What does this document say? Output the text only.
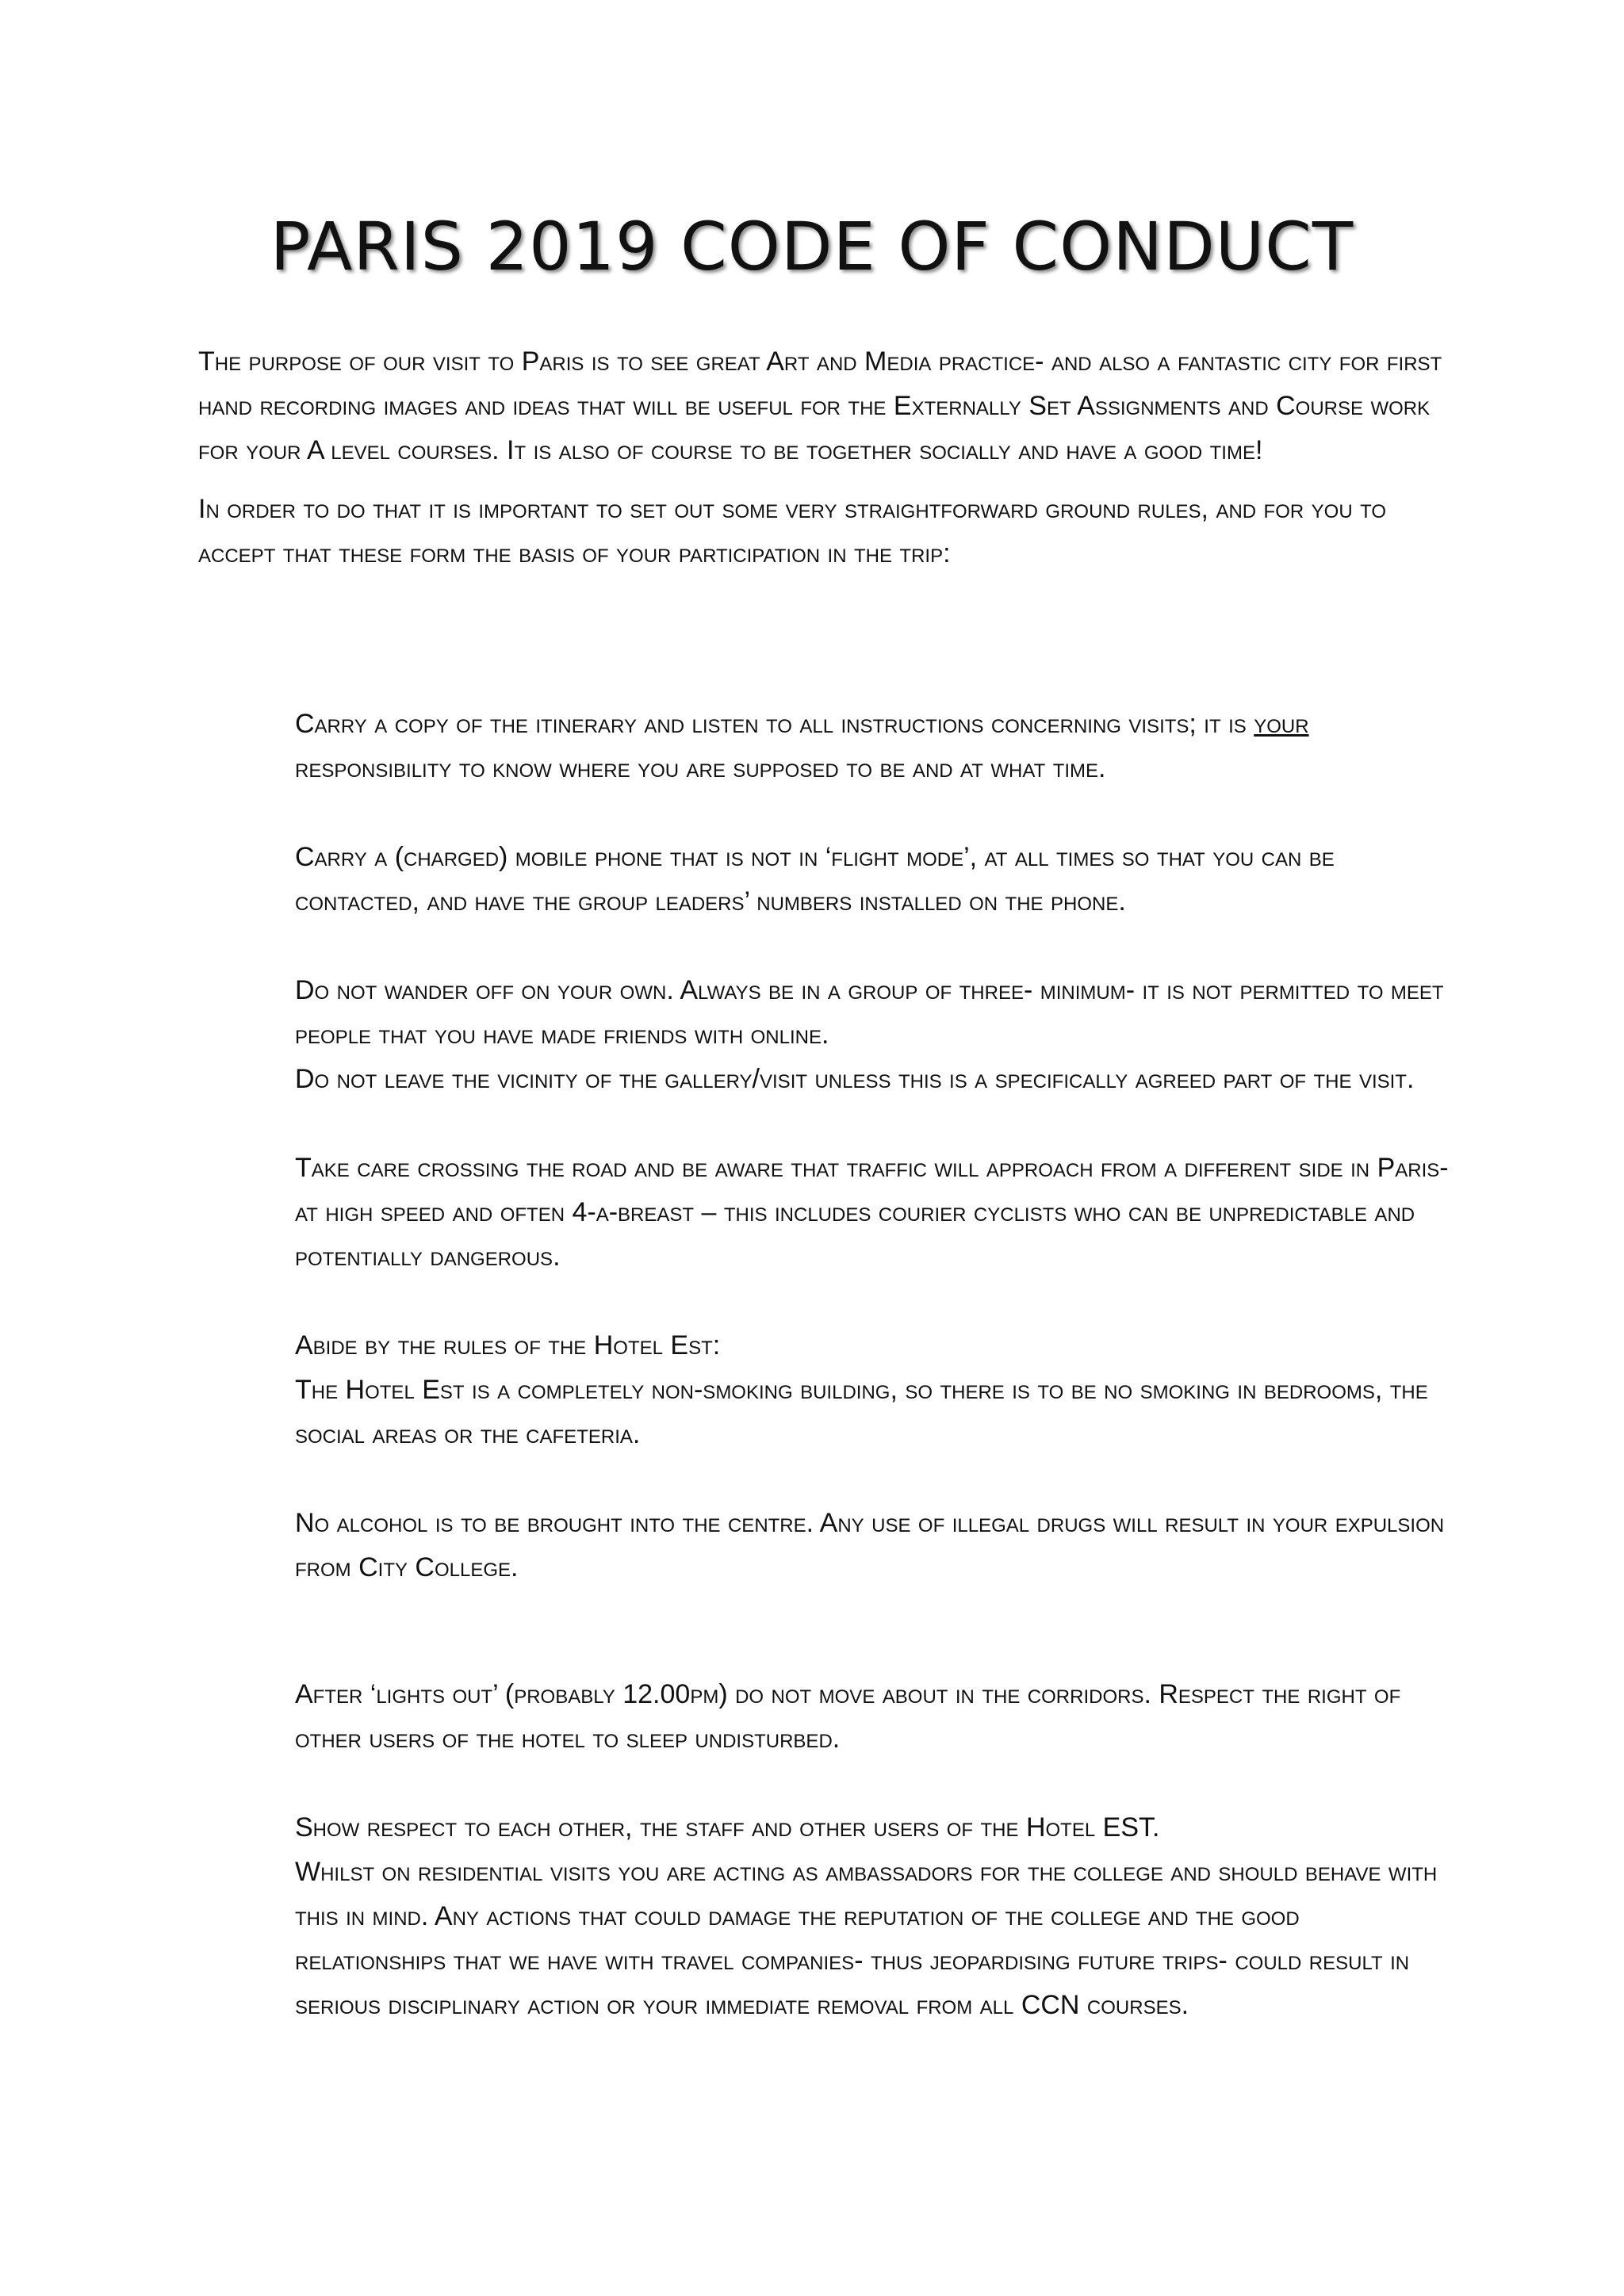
PARIS 2019 CODE OF CONDUCT

The purpose of our visit to Paris is to see great Art and Media practice- and also a fantastic city for first hand recording images and ideas that will be useful for the Externally Set Assignments and Course work for your A level courses. It is also of course to be together socially and have a good time!

In order to do that it is important to set out some very straightforward ground rules, and for you to accept that these form the basis of your participation in the trip:

Carry a copy of the itinerary and listen to all instructions concerning visits; it is your responsibility to know where you are supposed to be and at what time.

Carry a (charged) mobile phone that is not in ‘flight mode’, at all times so that you can be contacted, and have the group leaders’ numbers installed on the phone.

Do not wander off on your own. Always be in a group of three- minimum- it is not permitted to meet people that you have made friends with online.

Do not leave the vicinity of the gallery/visit unless this is a specifically agreed part of the visit.

Take care crossing the road and be aware that traffic will approach from a different side in Paris- at high speed and often 4-a-breast – this includes courier cyclists who can be unpredictable and potentially dangerous.

Abide by the rules of the Hotel Est:

The Hotel Est is a completely non-smoking building, so there is to be no smoking in bedrooms, the social areas or the cafeteria.

No alcohol is to be brought into the centre. Any use of illegal drugs will result in your expulsion from City College.

After ‘lights out’ (probably 12.00pm) do not move about in the corridors. Respect the right of other users of the hotel to sleep undisturbed.

Show respect to each other, the staff and other users of the Hotel EST.

Whilst on residential visits you are acting as ambassadors for the college and should behave with this in mind. Any actions that could damage the reputation of the college and the good relationships that we have with travel companies- thus jeopardising future trips- could result in serious disciplinary action or your immediate removal from all CCN courses.
